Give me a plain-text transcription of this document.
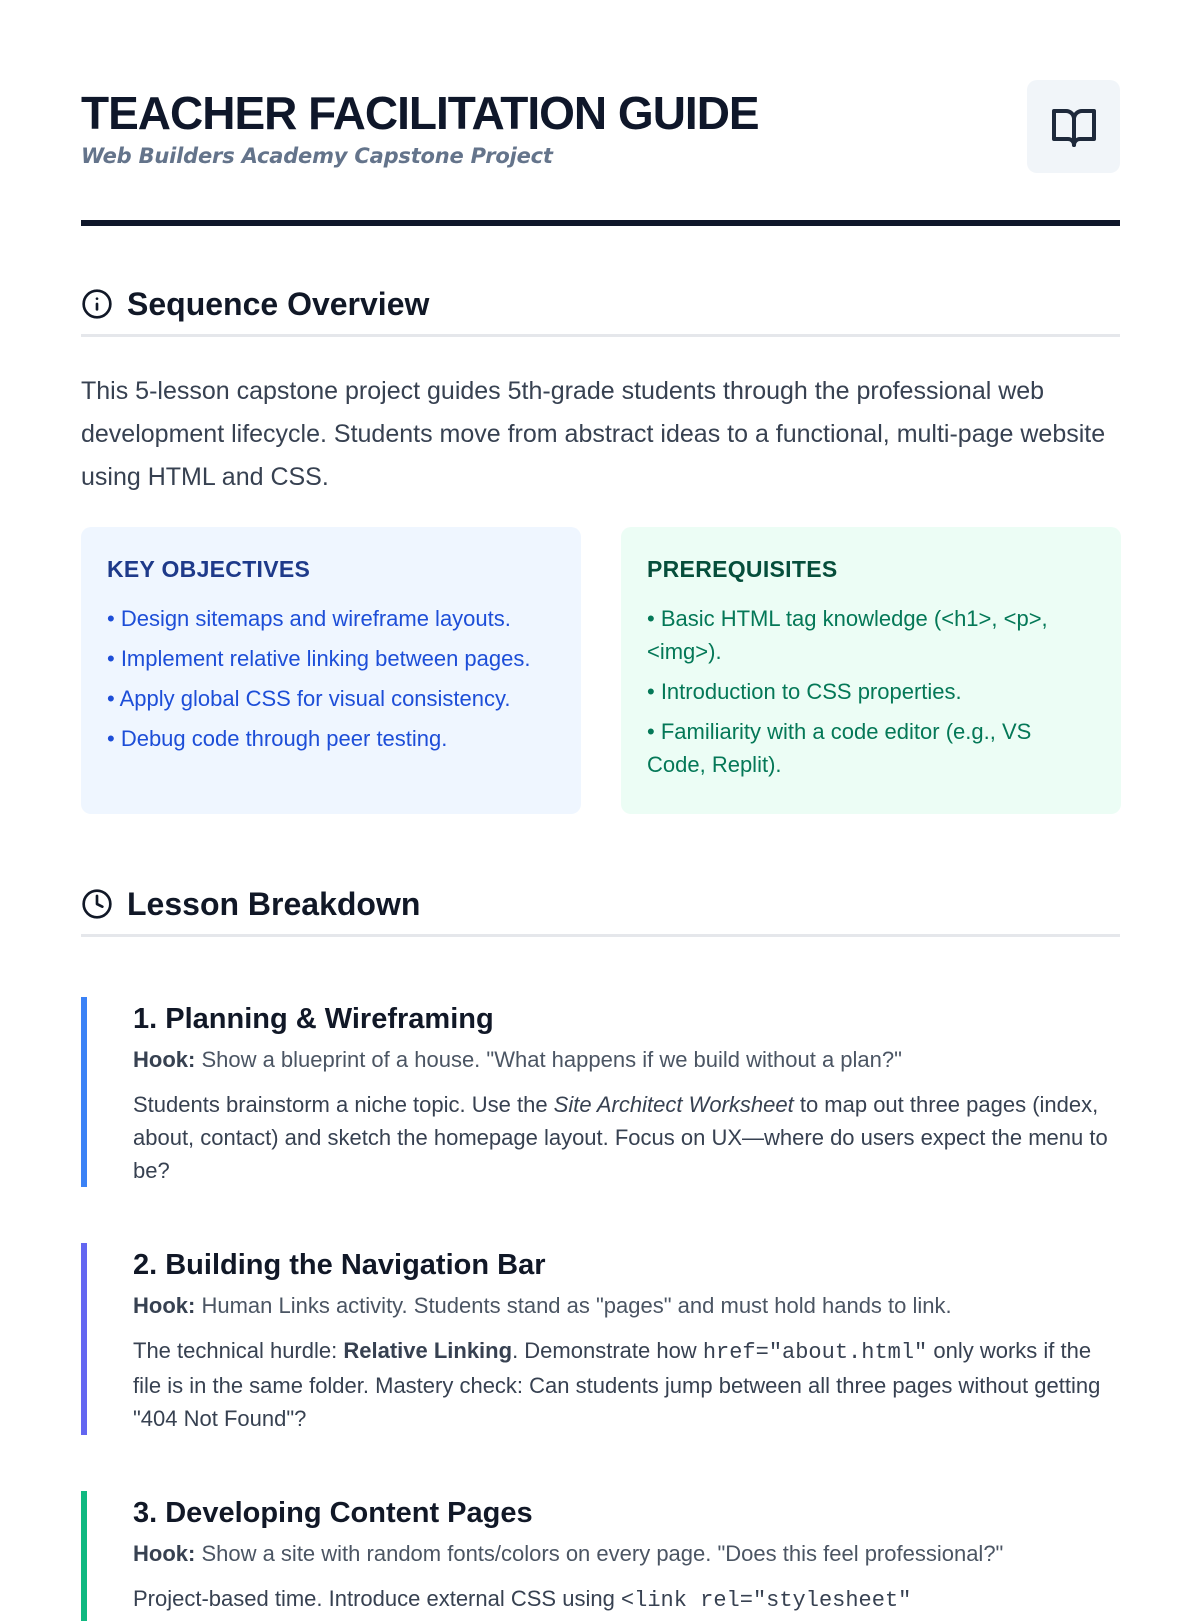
TEACHER FACILITATION GUIDE
Web Builders Academy Capstone Project
Sequence Overview

This 5-lesson capstone project guides 5th-grade students through the professional web development lifecycle. Students move from abstract ideas to a functional, multi-page website using HTML and CSS.

KEY OBJECTIVES
• Design sitemaps and wireframe layouts.
• Implement relative linking between pages.
• Apply global CSS for visual consistency.
• Debug code through peer testing.
PREREQUISITES
• Basic HTML tag knowledge (<h1>, <p>, <img>).
• Introduction to CSS properties.
• Familiarity with a code editor (e.g., VS Code, Replit).
Lesson Breakdown
1. Planning & Wireframing

Hook: Show a blueprint of a house. "What happens if we build without a plan?"

Students brainstorm a niche topic. Use the Site Architect Worksheet to map out three pages (index, about, contact) and sketch the homepage layout. Focus on UX—where do users expect the menu to be?

2. Building the Navigation Bar

Hook: Human Links activity. Students stand as "pages" and must hold hands to link.

The technical hurdle: Relative Linking. Demonstrate how href="about.html" only works if the file is in the same folder. Mastery check: Can students jump between all three pages without getting "404 Not Found"?

3. Developing Content Pages

Hook: Show a site with random fonts/colors on every page. "Does this feel professional?"

Project-based time. Introduce external CSS using <link rel="stylesheet"
